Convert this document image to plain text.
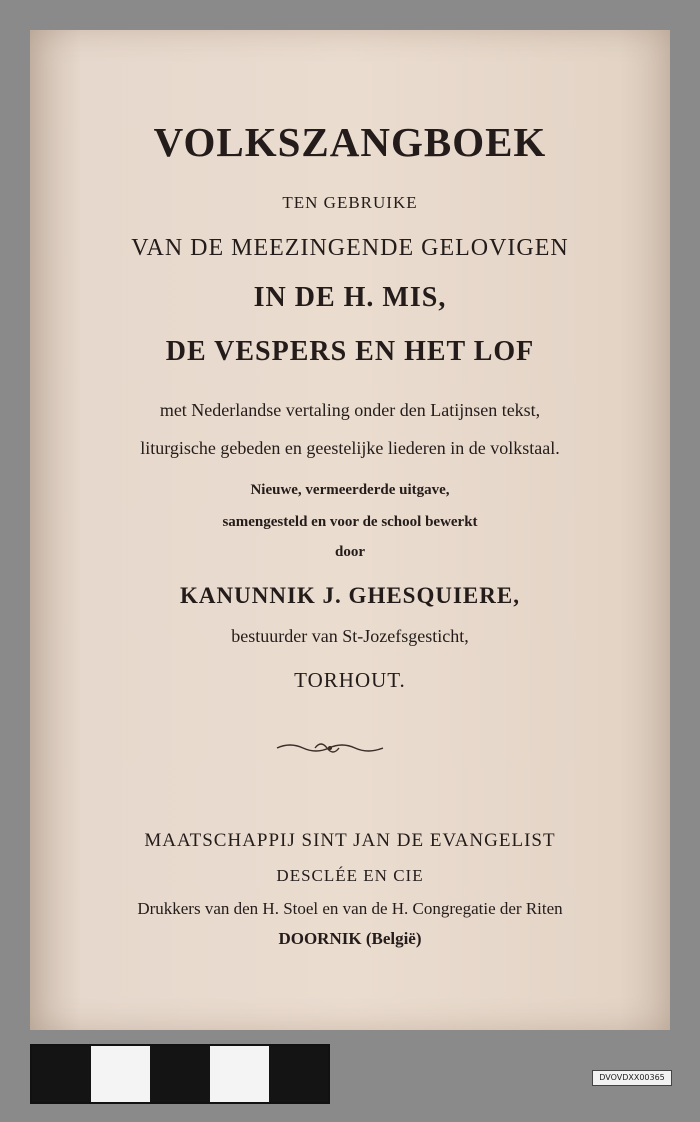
VOLKSZANGBOEK
TEN GEBRUIKE
VAN DE MEEZINGENDE GELOVIGEN
IN DE H. MIS,
DE VESPERS EN HET LOF
met Nederlandse vertaling onder den Latijnsen tekst,
liturgische gebeden en geestelijke liederen in de volkstaal.
Nieuwe, vermeerderde uitgave,
samengesteld en voor de school bewerkt
door
KANUNNIK J. GHESQUIERE,
bestuurder van St-Jozefsgesticht,
TORHOUT.
MAATSCHAPPIJ SINT JAN DE EVANGELIST
DESCLÉE EN CIE
Drukkers van den H. Stoel en van de H. Congregatie der Riten
DOORNIK (België)
DVOVDXX00365
